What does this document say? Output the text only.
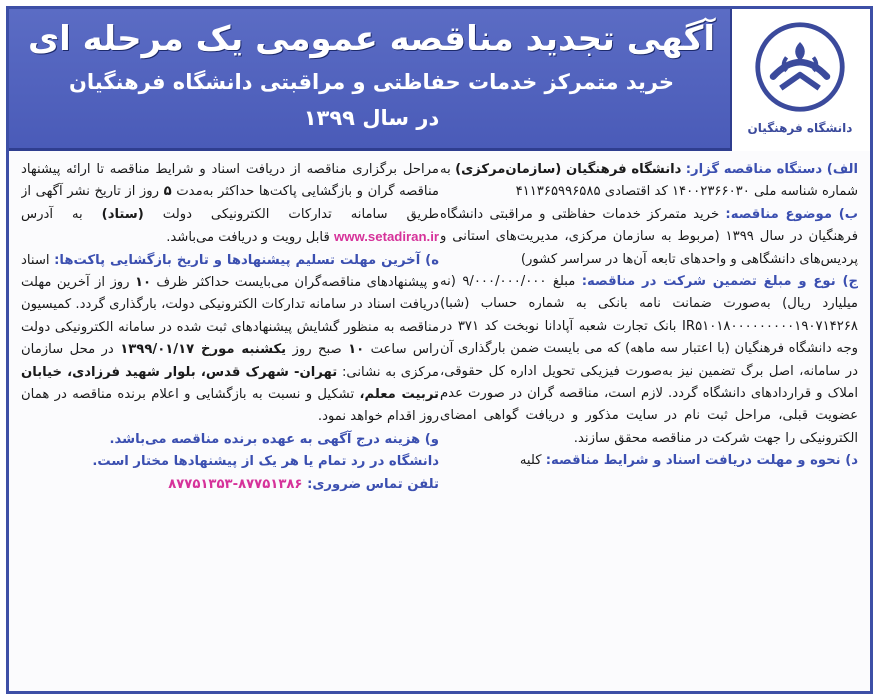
آگهی تجدید مناقصه عمومی یک مرحله ای
خرید متمرکز خدمات حفاظتی و مراقبتی دانشگاه فرهنگیان
در سال ۱۳۹۹	دانشگاه فرهنگیان

الف) دستگاه مناقصه گزار: دانشگاه فرهنگیان (سازمان‌مرکزی) به شماره شناسه ملی ۱۴۰۰۲۳۶۶۰۳۰ کد اقتصادی ۴۱۱۳۶۵۹۹۶۵۸۵

ب) موضوع مناقصه: خرید متمرکز خدمات حفاظتی و مراقبتی دانشگاه فرهنگیان در سال ۱۳۹۹ (مربوط به سازمان مرکزی، مدیریت‌های استانی و پردیس‌های دانشگاهی و واحدهای تابعه آن‌ها در سراسر کشور)

ج) نوع و مبلغ تضمین شرکت در مناقصه: مبلغ ۹/۰۰۰/۰۰۰/۰۰۰ (نه میلیارد ریال) به‌صورت ضمانت نامه بانکی به شماره حساب (شبا) IR۵۱۰۱۸۰۰۰۰۰۰۰۰۰۱۹۰۷۱۴۲۶۸ بانک تجارت شعبه آپادانا نوبخت کد ۳۷۱ در وجه دانشگاه فرهنگیان (با اعتبار سه ماهه) که می بایست ضمن بارگذاری آن در سامانه، اصل برگ تضمین نیز به‌صورت فیزیکی تحویل اداره کل حقوقی، املاک و قراردادهای دانشگاه گردد. لازم است، مناقصه گران در صورت عدم عضویت قبلی، مراحل ثبت نام در سایت مذکور و دریافت گواهی امضای الکترونیکی را جهت شرکت در مناقصه محقق سازند.

د) نحوه و مهلت دریافت اسناد و شرایط مناقصه: کلیه

مراحل برگزاری مناقصه از دریافت اسناد و شرایط مناقصه تا ارائه پیشنهاد مناقصه گران و بازگشایی پاکت‌ها حداکثر به‌مدت ۵ روز از تاریخ نشر آگهی از طریق سامانه تدارکات الکترونیکی دولت (ستاد) به آدرس www.setadiran.ir قابل رویت و دریافت می‌باشد.

ه) آخرین مهلت تسلیم پیشنهادها و تاریخ بازگشایی پاکت‌ها: اسناد و پیشنهادهای مناقصه‌گران می‌بایست حداکثر ظرف ۱۰ روز از آخرین مهلت دریافت اسناد در سامانه تدارکات الکترونیکی دولت، بارگذاری گردد. کمیسیون مناقصه به منظور گشایش پیشنهادهای ثبت شده در سامانه الکترونیکی دولت راس ساعت ۱۰ صبح روز یکشنبه مورخ ۱۳۹۹/۰۱/۱۷ در محل سازمان مرکزی به نشانی: تهران- شهرک قدس، بلوار شهید فرزادی، خیابان تربیت معلم، تشکیل و نسبت به بازگشایی و اعلام برنده مناقصه در همان روز اقدام خواهد نمود.

و) هزینه درج آگهی به عهده برنده مناقصه می‌باشد.

دانشگاه در رد تمام یا هر یک از پیشنهادها مختار است.

تلفن تماس ضروری: ۸۷۷۵۱۳۸۶-۸۷۷۵۱۳۵۳
